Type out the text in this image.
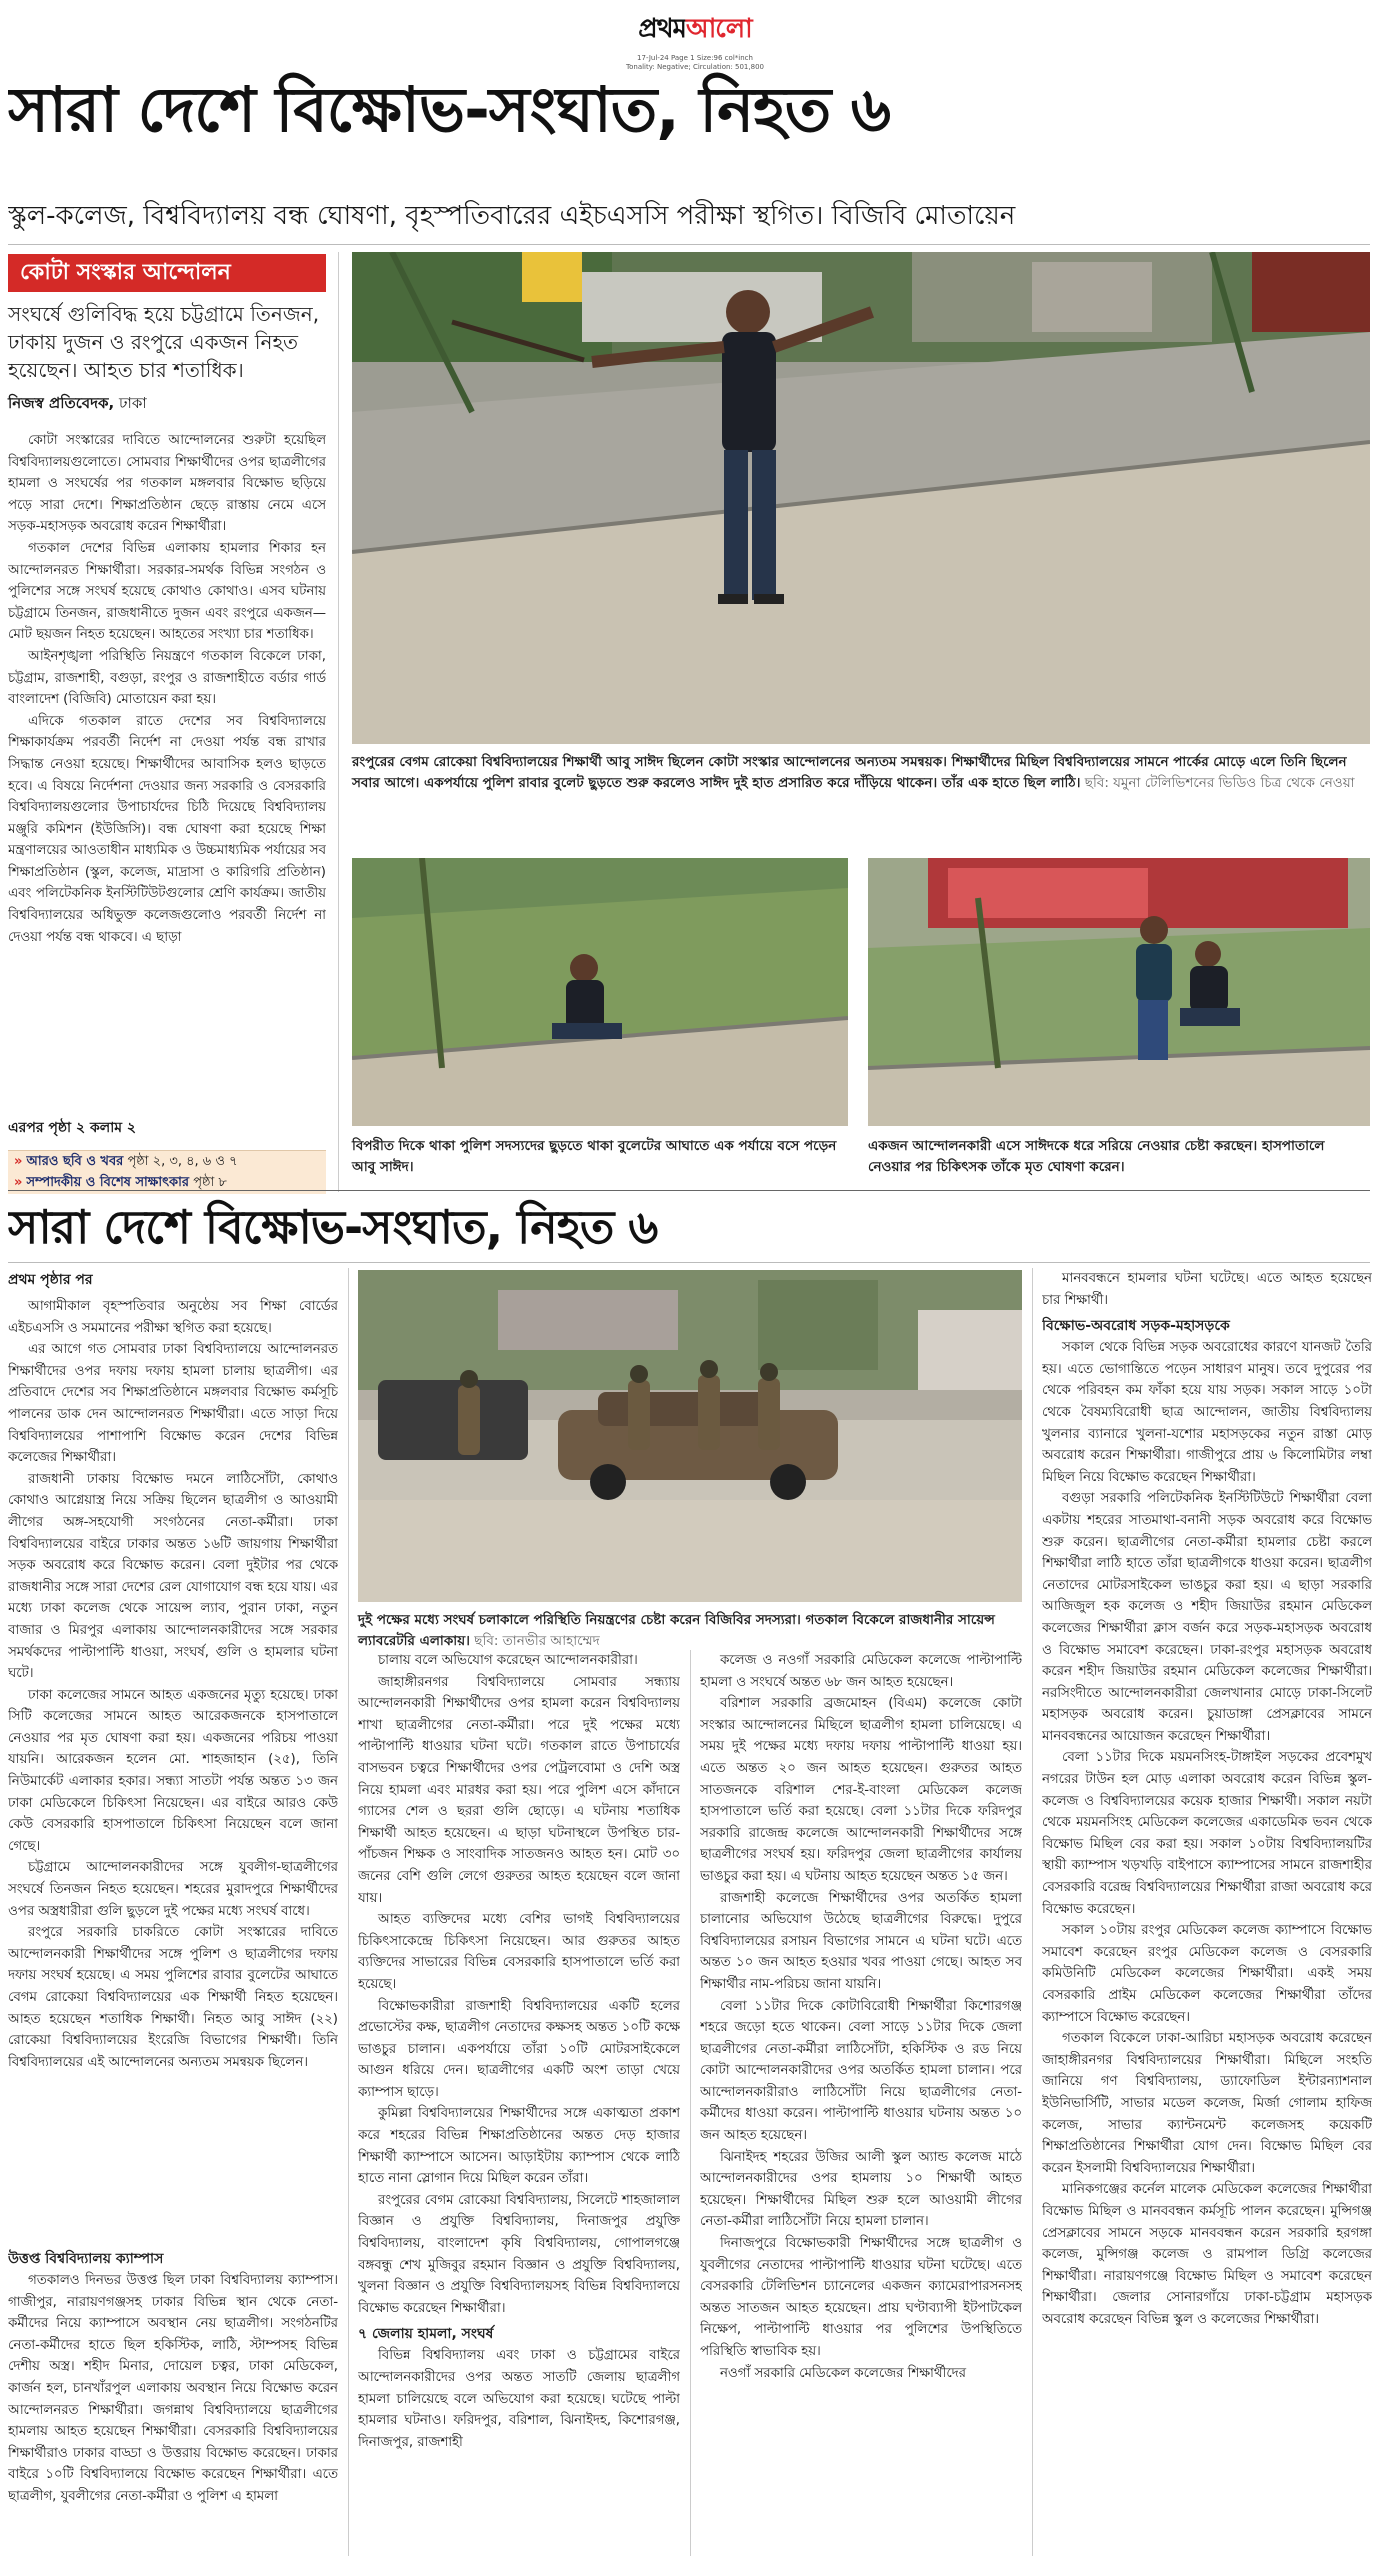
প্রথমআলো
17-Jul-24 Page 1 Size:96 col*inch
Tonality: Negative; Circulation: 501,800
সারা দেশে বিক্ষোভ-সংঘাত, নিহত ৬
স্কুল-কলেজ, বিশ্ববিদ্যালয় বন্ধ ঘোষণা, বৃহস্পতিবারের এইচএসসি পরীক্ষা স্থগিত। বিজিবি মোতায়েন
কোটা সংস্কার আন্দোলন
সংঘর্ষে গুলিবিদ্ধ হয়ে চট্টগ্রামে তিনজন, ঢাকায় দুজন ও রংপুরে একজন নিহত হয়েছেন। আহত চার শতাধিক।
নিজস্ব প্রতিবেদক, ঢাকা

কোটা সংস্কারের দাবিতে আন্দোলনের শুরুটা হয়েছিল বিশ্ববিদ্যালয়গুলোতে। সোমবার শিক্ষার্থীদের ওপর ছাত্রলীগের হামলা ও সংঘর্ষের পর গতকাল মঙ্গলবার বিক্ষোভ ছড়িয়ে পড়ে সারা দেশে। শিক্ষাপ্রতিষ্ঠান ছেড়ে রাস্তায় নেমে এসে সড়ক-মহাসড়ক অবরোধ করেন শিক্ষার্থীরা।

গতকাল দেশের বিভিন্ন এলাকায় হামলার শিকার হন আন্দোলনরত শিক্ষার্থীরা। সরকার-সমর্থক বিভিন্ন সংগঠন ও পুলিশের সঙ্গে সংঘর্ষ হয়েছে কোথাও কোথাও। এসব ঘটনায় চট্টগ্রামে তিনজন, রাজধানীতে দুজন এবং রংপুরে একজন—মোট ছয়জন নিহত হয়েছেন। আহতের সংখ্যা চার শতাধিক।

আইনশৃঙ্খলা পরিস্থিতি নিয়ন্ত্রণে গতকাল বিকেলে ঢাকা, চট্টগ্রাম, রাজশাহী, বগুড়া, রংপুর ও রাজশাহীতে বর্ডার গার্ড বাংলাদেশ (বিজিবি) মোতায়েন করা হয়।

এদিকে গতকাল রাতে দেশের সব বিশ্ববিদ্যালয়ে শিক্ষাকার্যক্রম পরবর্তী নির্দেশ না দেওয়া পর্যন্ত বন্ধ রাখার সিদ্ধান্ত নেওয়া হয়েছে। শিক্ষার্থীদের আবাসিক হলও ছাড়তে হবে। এ বিষয়ে নির্দেশনা দেওয়ার জন্য সরকারি ও বেসরকারি বিশ্ববিদ্যালয়গুলোর উপাচার্যদের চিঠি দিয়েছে বিশ্ববিদ্যালয় মঞ্জুরি কমিশন (ইউজিসি)। বন্ধ ঘোষণা করা হয়েছে শিক্ষা মন্ত্রণালয়ের আওতাধীন মাধ্যমিক ও উচ্চমাধ্যমিক পর্যায়ের সব শিক্ষাপ্রতিষ্ঠান (স্কুল, কলেজ, মাদ্রাসা ও কারিগরি প্রতিষ্ঠান) এবং পলিটেকনিক ইনস্টিটিউটগুলোর শ্রেণি কার্যক্রম। জাতীয় বিশ্ববিদ্যালয়ের অধিভুক্ত কলেজগুলোও পরবর্তী নির্দেশ না দেওয়া পর্যন্ত বন্ধ থাকবে। এ ছাড়া

এরপর পৃষ্ঠা ২ কলাম ২
» আরও ছবি ও খবর পৃষ্ঠা ২, ৩, ৪, ৬ ও ৭
» সম্পাদকীয় ও বিশেষ সাক্ষাৎকার পৃষ্ঠা ৮
রংপুরের বেগম রোকেয়া বিশ্ববিদ্যালয়ের শিক্ষার্থী আবু সাঈদ ছিলেন কোটা সংস্কার আন্দোলনের অন্যতম সমন্বয়ক। শিক্ষার্থীদের মিছিল বিশ্ববিদ্যালয়ের সামনে পার্কের মোড়ে এলে তিনি ছিলেন সবার আগে। একপর্যায়ে পুলিশ রাবার বুলেট ছুড়তে শুরু করলেও সাঈদ দুই হাত প্রসারিত করে দাঁড়িয়ে থাকেন। তাঁর এক হাতে ছিল লাঠি। ছবি: যমুনা টেলিভিশনের ভিডিও চিত্র থেকে নেওয়া
বিপরীত দিকে থাকা পুলিশ সদস্যদের ছুড়তে থাকা বুলেটের আঘাতে এক পর্যায়ে বসে পড়েন আবু সাঈদ।
একজন আন্দোলনকারী এসে সাঈদকে ধরে সরিয়ে নেওয়ার চেষ্টা করছেন। হাসপাতালে নেওয়ার পর চিকিৎসক তাঁকে মৃত ঘোষণা করেন।
সারা দেশে বিক্ষোভ-সংঘাত, নিহত ৬
প্রথম পৃষ্ঠার পর

আগামীকাল বৃহস্পতিবার অনুষ্ঠেয় সব শিক্ষা বোর্ডের এইচএসসি ও সমমানের পরীক্ষা স্থগিত করা হয়েছে।

এর আগে গত সোমবার ঢাকা বিশ্ববিদ্যালয়ে আন্দোলনরত শিক্ষার্থীদের ওপর দফায় দফায় হামলা চালায় ছাত্রলীগ। এর প্রতিবাদে দেশের সব শিক্ষাপ্রতিষ্ঠানে মঙ্গলবার বিক্ষোভ কর্মসূচি পালনের ডাক দেন আন্দোলনরত শিক্ষার্থীরা। এতে সাড়া দিয়ে বিশ্ববিদ্যালয়ের পাশাপাশি বিক্ষোভ করেন দেশের বিভিন্ন কলেজের শিক্ষার্থীরা।

রাজধানী ঢাকায় বিক্ষোভ দমনে লাঠিসোঁটা, কোথাও কোথাও আগ্নেয়াস্ত্র নিয়ে সক্রিয় ছিলেন ছাত্রলীগ ও আওয়ামী লীগের অঙ্গ-সহযোগী সংগঠনের নেতা-কর্মীরা। ঢাকা বিশ্ববিদ্যালয়ের বাইরে ঢাকার অন্তত ১৬টি জায়গায় শিক্ষার্থীরা সড়ক অবরোধ করে বিক্ষোভ করেন। বেলা দুইটার পর থেকে রাজধানীর সঙ্গে সারা দেশের রেল যোগাযোগ বন্ধ হয়ে যায়। এর মধ্যে ঢাকা কলেজ থেকে সায়েন্স ল্যাব, পুরান ঢাকা, নতুন বাজার ও মিরপুর এলাকায় আন্দোলনকারীদের সঙ্গে সরকার সমর্থকদের পাল্টাপাল্টি ধাওয়া, সংঘর্ষ, গুলি ও হামলার ঘটনা ঘটে।

ঢাকা কলেজের সামনে আহত একজনের মৃত্যু হয়েছে। ঢাকা সিটি কলেজের সামনে আহত আরেকজনকে হাসপাতালে নেওয়ার পর মৃত ঘোষণা করা হয়। একজনের পরিচয় পাওয়া যায়নি। আরেকজন হলেন মো. শাহজাহান (২৫), তিনি নিউমার্কেট এলাকার হকার। সন্ধ্যা সাতটা পর্যন্ত অন্তত ১৩ জন ঢাকা মেডিকেলে চিকিৎসা নিয়েছেন। এর বাইরে আরও কেউ কেউ বেসরকারি হাসপাতালে চিকিৎসা নিয়েছেন বলে জানা গেছে।

চট্টগ্রামে আন্দোলনকারীদের সঙ্গে যুবলীগ-ছাত্রলীগের সংঘর্ষে তিনজন নিহত হয়েছেন। শহরের মুরাদপুরে শিক্ষার্থীদের ওপর অস্ত্রধারীরা গুলি ছুড়লে দুই পক্ষের মধ্যে সংঘর্ষ বাধে।

রংপুরে সরকারি চাকরিতে কোটা সংস্কারের দাবিতে আন্দোলনকারী শিক্ষার্থীদের সঙ্গে পুলিশ ও ছাত্রলীগের দফায় দফায় সংঘর্ষ হয়েছে। এ সময় পুলিশের রাবার বুলেটের আঘাতে বেগম রোকেয়া বিশ্ববিদ্যালয়ের এক শিক্ষার্থী নিহত হয়েছেন। আহত হয়েছেন শতাধিক শিক্ষার্থী। নিহত আবু সাঈদ (২২) রোকেয়া বিশ্ববিদ্যালয়ের ইংরেজি বিভাগের শিক্ষার্থী। তিনি বিশ্ববিদ্যালয়ের এই আন্দোলনের অন্যতম সমন্বয়ক ছিলেন।

উত্তপ্ত বিশ্ববিদ্যালয় ক্যাম্পাস

গতকালও দিনভর উত্তপ্ত ছিল ঢাকা বিশ্ববিদ্যালয় ক্যাম্পাস। গাজীপুর, নারায়ণগঞ্জসহ ঢাকার বিভিন্ন স্থান থেকে নেতা-কর্মীদের নিয়ে ক্যাম্পাসে অবস্থান নেয় ছাত্রলীগ। সংগঠনটির নেতা-কর্মীদের হাতে ছিল হকিস্টিক, লাঠি, স্টাম্পসহ বিভিন্ন দেশীয় অস্ত্র। শহীদ মিনার, দোয়েল চত্বর, ঢাকা মেডিকেল, কার্জন হল, চানখাঁরপুল এলাকায় অবস্থান নিয়ে বিক্ষোভ করেন আন্দোলনরত শিক্ষার্থীরা। জগন্নাথ বিশ্ববিদ্যালয়ে ছাত্রলীগের হামলায় আহত হয়েছেন শিক্ষার্থীরা। বেসরকারি বিশ্ববিদ্যালয়ের শিক্ষার্থীরাও ঢাকার বাড্ডা ও উত্তরায় বিক্ষোভ করেছেন। ঢাকার বাইরে ১০টি বিশ্ববিদ্যালয়ে বিক্ষোভ করেছেন শিক্ষার্থীরা। এতে ছাত্রলীগ, যুবলীগের নেতা-কর্মীরা ও পুলিশ এ হামলা

দুই পক্ষের মধ্যে সংঘর্ষ চলাকালে পরিস্থিতি নিয়ন্ত্রণের চেষ্টা করেন বিজিবির সদস্যরা। গতকাল বিকেলে রাজধানীর সায়েন্স ল্যাবরেটরি এলাকায়। ছবি: তানভীর আহাম্মেদ

চালায় বলে অভিযোগ করেছেন আন্দোলনকারীরা।

জাহাঙ্গীরনগর বিশ্ববিদ্যালয়ে সোমবার সন্ধ্যায় আন্দোলনকারী শিক্ষার্থীদের ওপর হামলা করেন বিশ্ববিদ্যালয় শাখা ছাত্রলীগের নেতা-কর্মীরা। পরে দুই পক্ষের মধ্যে পাল্টাপাল্টি ধাওয়ার ঘটনা ঘটে। গতকাল রাতে উপাচার্যের বাসভবন চত্বরে শিক্ষার্থীদের ওপর পেট্রলবোমা ও দেশি অস্ত্র নিয়ে হামলা এবং মারধর করা হয়। পরে পুলিশ এসে কাঁদানে গ্যাসের শেল ও ছররা গুলি ছোড়ে। এ ঘটনায় শতাধিক শিক্ষার্থী আহত হয়েছেন। এ ছাড়া ঘটনাস্থলে উপস্থিত চার-পাঁচজন শিক্ষক ও সাংবাদিক সাতজনও আহত হন। মোট ৩০ জনের বেশি গুলি লেগে গুরুতর আহত হয়েছেন বলে জানা যায়।

আহত ব্যক্তিদের মধ্যে বেশির ভাগই বিশ্ববিদ্যালয়ের চিকিৎসাকেন্দ্রে চিকিৎসা নিয়েছেন। আর গুরুতর আহত ব্যক্তিদের সাভারের বিভিন্ন বেসরকারি হাসপাতালে ভর্তি করা হয়েছে।

বিক্ষোভকারীরা রাজশাহী বিশ্ববিদ্যালয়ের একটি হলের প্রভোস্টের কক্ষ, ছাত্রলীগ নেতাদের কক্ষসহ অন্তত ১০টি কক্ষে ভাঙচুর চালান। একপর্যায়ে তাঁরা ১০টি মোটরসাইকেলে আগুন ধরিয়ে দেন। ছাত্রলীগের একটি অংশ তাড়া খেয়ে ক্যাম্পাস ছাড়ে।

কুমিল্লা বিশ্ববিদ্যালয়ের শিক্ষার্থীদের সঙ্গে একাত্মতা প্রকাশ করে শহরের বিভিন্ন শিক্ষাপ্রতিষ্ঠানের অন্তত দেড় হাজার শিক্ষার্থী ক্যাম্পাসে আসেন। আড়াইটায় ক্যাম্পাস থেকে লাঠি হাতে নানা স্লোগান দিয়ে মিছিল করেন তাঁরা।

রংপুরের বেগম রোকেয়া বিশ্ববিদ্যালয়, সিলেটে শাহজালাল বিজ্ঞান ও প্রযুক্তি বিশ্ববিদ্যালয়, দিনাজপুর প্রযুক্তি বিশ্ববিদ্যালয়, বাংলাদেশ কৃষি বিশ্ববিদ্যালয়, গোপালগঞ্জে বঙ্গবন্ধু শেখ মুজিবুর রহমান বিজ্ঞান ও প্রযুক্তি বিশ্ববিদ্যালয়, খুলনা বিজ্ঞান ও প্রযুক্তি বিশ্ববিদ্যালয়সহ বিভিন্ন বিশ্ববিদ্যালয়ে বিক্ষোভ করেছেন শিক্ষার্থীরা।

৭ জেলায় হামলা, সংঘর্ষ

বিভিন্ন বিশ্ববিদ্যালয় এবং ঢাকা ও চট্টগ্রামের বাইরে আন্দোলনকারীদের ওপর অন্তত সাতটি জেলায় ছাত্রলীগ হামলা চালিয়েছে বলে অভিযোগ করা হয়েছে। ঘটেছে পাল্টা হামলার ঘটনাও। ফরিদপুর, বরিশাল, ঝিনাইদহ, কিশোরগঞ্জ, দিনাজপুর, রাজশাহী

কলেজ ও নওগাঁ সরকারি মেডিকেল কলেজে পাল্টাপাল্টি হামলা ও সংঘর্ষে অন্তত ৬৮ জন আহত হয়েছেন।

বরিশাল সরকারি ব্রজমোহন (বিএম) কলেজে কোটা সংস্কার আন্দোলনের মিছিলে ছাত্রলীগ হামলা চালিয়েছে। এ সময় দুই পক্ষের মধ্যে দফায় দফায় পাল্টাপাল্টি ধাওয়া হয়। এতে অন্তত ২০ জন আহত হয়েছেন। গুরুতর আহত সাতজনকে বরিশাল শের-ই-বাংলা মেডিকেল কলেজ হাসপাতালে ভর্তি করা হয়েছে। বেলা ১১টার দিকে ফরিদপুর সরকারি রাজেন্দ্র কলেজে আন্দোলনকারী শিক্ষার্থীদের সঙ্গে ছাত্রলীগের সংঘর্ষ হয়। ফরিদপুর জেলা ছাত্রলীগের কার্যালয় ভাঙচুর করা হয়। এ ঘটনায় আহত হয়েছেন অন্তত ১৫ জন।

রাজশাহী কলেজে শিক্ষার্থীদের ওপর অতর্কিত হামলা চালানোর অভিযোগ উঠেছে ছাত্রলীগের বিরুদ্ধে। দুপুরে বিশ্ববিদ্যালয়ের রসায়ন বিভাগের সামনে এ ঘটনা ঘটে। এতে অন্তত ১০ জন আহত হওয়ার খবর পাওয়া গেছে। আহত সব শিক্ষার্থীর নাম-পরিচয় জানা যায়নি।

বেলা ১১টার দিকে কোটাবিরোধী শিক্ষার্থীরা কিশোরগঞ্জ শহরে জড়ো হতে থাকেন। বেলা সাড়ে ১১টার দিকে জেলা ছাত্রলীগের নেতা-কর্মীরা লাঠিসোঁটা, হকিস্টিক ও রড নিয়ে কোটা আন্দোলনকারীদের ওপর অতর্কিত হামলা চালান। পরে আন্দোলনকারীরাও লাঠিসোঁটা নিয়ে ছাত্রলীগের নেতা-কর্মীদের ধাওয়া করেন। পাল্টাপাল্টি ধাওয়ার ঘটনায় অন্তত ১০ জন আহত হয়েছেন।

ঝিনাইদহ শহরের উজির আলী স্কুল অ্যান্ড কলেজ মাঠে আন্দোলনকারীদের ওপর হামলায় ১০ শিক্ষার্থী আহত হয়েছেন। শিক্ষার্থীদের মিছিল শুরু হলে আওয়ামী লীগের নেতা-কর্মীরা লাঠিসোঁটা নিয়ে হামলা চালান।

দিনাজপুরে বিক্ষোভকারী শিক্ষার্থীদের সঙ্গে ছাত্রলীগ ও যুবলীগের নেতাদের পাল্টাপাল্টি ধাওয়ার ঘটনা ঘটেছে। এতে বেসরকারি টেলিভিশন চ্যানেলের একজন ক্যামেরাপারসনসহ অন্তত সাতজন আহত হয়েছেন। প্রায় ঘণ্টাব্যাপী ইটপাটকেল নিক্ষেপ, পাল্টাপাল্টি ধাওয়ার পর পুলিশের উপস্থিতিতে পরিস্থিতি স্বাভাবিক হয়।

নওগাঁ সরকারি মেডিকেল কলেজের শিক্ষার্থীদের

মানববন্ধনে হামলার ঘটনা ঘটেছে। এতে আহত হয়েছেন চার শিক্ষার্থী।

বিক্ষোভ-অবরোধ সড়ক-মহাসড়কে

সকাল থেকে বিভিন্ন সড়ক অবরোধের কারণে যানজট তৈরি হয়। এতে ভোগান্তিতে পড়েন সাধারণ মানুষ। তবে দুপুরের পর থেকে পরিবহন কম ফাঁকা হয়ে যায় সড়ক। সকাল সাড়ে ১০টা থেকে বৈষম্যবিরোধী ছাত্র আন্দোলন, জাতীয় বিশ্ববিদ্যালয় খুলনার ব্যানারে খুলনা-যশোর মহাসড়কের নতুন রাস্তা মোড় অবরোধ করেন শিক্ষার্থীরা। গাজীপুরে প্রায় ৬ কিলোমিটার লম্বা মিছিল নিয়ে বিক্ষোভ করেছেন শিক্ষার্থীরা।

বগুড়া সরকারি পলিটেকনিক ইনস্টিটিউটে শিক্ষার্থীরা বেলা একটায় শহরের সাতমাথা-বনানী সড়ক অবরোধ করে বিক্ষোভ শুরু করেন। ছাত্রলীগের নেতা-কর্মীরা হামলার চেষ্টা করলে শিক্ষার্থীরা লাঠি হাতে তাঁরা ছাত্রলীগকে ধাওয়া করেন। ছাত্রলীগ নেতাদের মোটরসাইকেল ভাঙচুর করা হয়। এ ছাড়া সরকারি আজিজুল হক কলেজ ও শহীদ জিয়াউর রহমান মেডিকেল কলেজের শিক্ষার্থীরা ক্লাস বর্জন করে সড়ক-মহাসড়ক অবরোধ ও বিক্ষোভ সমাবেশ করেছেন। ঢাকা-রংপুর মহাসড়ক অবরোধ করেন শহীদ জিয়াউর রহমান মেডিকেল কলেজের শিক্ষার্থীরা। নরসিংদীতে আন্দোলনকারীরা জেলখানার মোড়ে ঢাকা-সিলেট মহাসড়ক অবরোধ করেন। চুয়াডাঙ্গা প্রেসক্লাবের সামনে মানববন্ধনের আয়োজন করেছেন শিক্ষার্থীরা।

বেলা ১১টার দিকে ময়মনসিংহ-টাঙ্গাইল সড়কের প্রবেশমুখ নগরের টাউন হল মোড় এলাকা অবরোধ করেন বিভিন্ন স্কুল-কলেজ ও বিশ্ববিদ্যালয়ের কয়েক হাজার শিক্ষার্থী। সকাল নয়টা থেকে ময়মনসিংহ মেডিকেল কলেজের একাডেমিক ভবন থেকে বিক্ষোভ মিছিল বের করা হয়। সকাল ১০টায় বিশ্ববিদ্যালয়টির স্থায়ী ক্যাম্পাস খড়খড়ি বাইপাসে ক্যাম্পাসের সামনে রাজশাহীর বেসরকারি বরেন্দ্র বিশ্ববিদ্যালয়ের শিক্ষার্থীরা রাজা অবরোধ করে বিক্ষোভ করেছেন।

সকাল ১০টায় রংপুর মেডিকেল কলেজ ক্যাম্পাসে বিক্ষোভ সমাবেশ করেছেন রংপুর মেডিকেল কলেজ ও বেসরকারি কমিউনিটি মেডিকেল কলেজের শিক্ষার্থীরা। একই সময় বেসরকারি প্রাইম মেডিকেল কলেজের শিক্ষার্থীরা তাঁদের ক্যাম্পাসে বিক্ষোভ করেছেন।

গতকাল বিকেলে ঢাকা-আরিচা মহাসড়ক অবরোধ করেছেন জাহাঙ্গীরনগর বিশ্ববিদ্যালয়ের শিক্ষার্থীরা। মিছিলে সংহতি জানিয়ে গণ বিশ্ববিদ্যালয়, ড্যাফোডিল ইন্টারন্যাশনাল ইউনিভার্সিটি, সাভার মডেল কলেজ, মির্জা গোলাম হাফিজ কলেজ, সাভার ক্যান্টনমেন্ট কলেজসহ কয়েকটি শিক্ষাপ্রতিষ্ঠানের শিক্ষার্থীরা যোগ দেন। বিক্ষোভ মিছিল বের করেন ইসলামী বিশ্ববিদ্যালয়ের শিক্ষার্থীরা।

মানিকগঞ্জের কর্নেল মালেক মেডিকেল কলেজের শিক্ষার্থীরা বিক্ষোভ মিছিল ও মানববন্ধন কর্মসূচি পালন করেছেন। মুন্সিগঞ্জ প্রেসক্লাবের সামনে সড়কে মানববন্ধন করেন সরকারি হরগঙ্গা কলেজ, মুন্সিগঞ্জ কলেজ ও রামপাল ডিগ্রি কলেজের শিক্ষার্থীরা। নারায়ণগঞ্জে বিক্ষোভ মিছিল ও সমাবেশ করেছেন শিক্ষার্থীরা। জেলার সোনারগাঁয়ে ঢাকা-চট্টগ্রাম মহাসড়ক অবরোধ করেছেন বিভিন্ন স্কুল ও কলেজের শিক্ষার্থীরা।
